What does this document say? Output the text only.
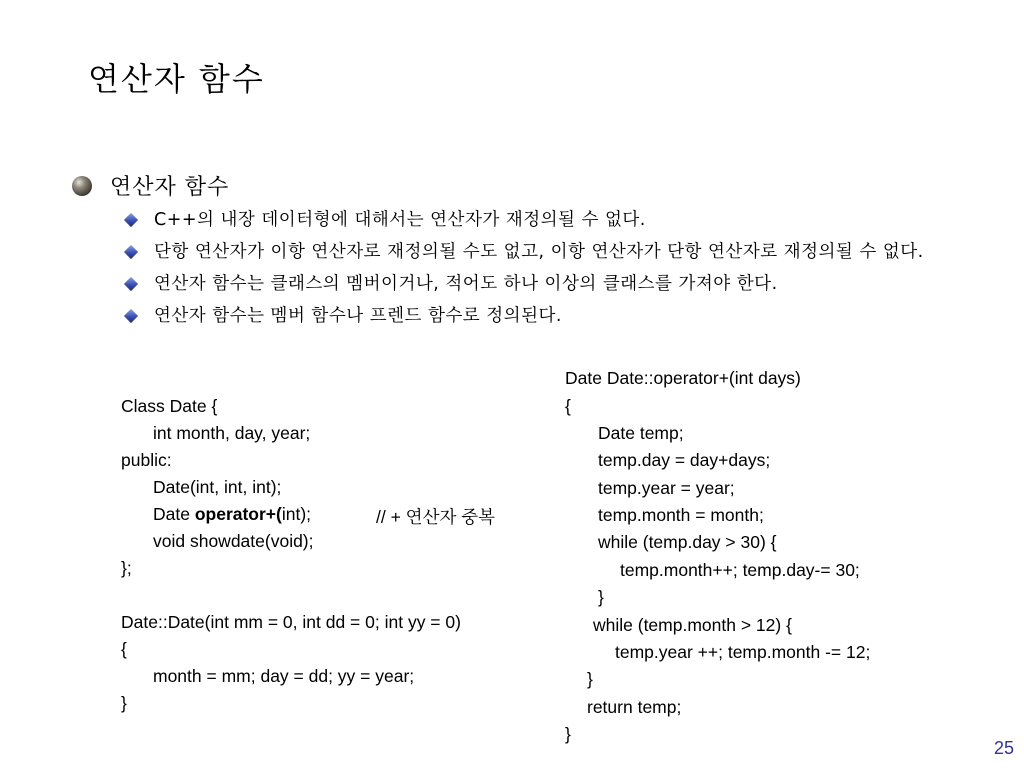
연산자 함수
연산자 함수
C++의 내장 데이터형에 대해서는 연산자가 재정의될 수 없다.
단항 연산자가 이항 연산자로 재정의될 수도 없고, 이항 연산자가 단항 연산자로 재정의될 수 없다.
연산자 함수는 클래스의 멤버이거나, 적어도 하나 이상의 클래스를 가져야 한다.
연산자 함수는 멤버 함수나 프렌드 함수로 정의된다.
Class Date {
int month, day, year;
public:
Date(int, int, int);
Date operator+(int);	// + 연산자 중복
void showdate(void);
};
Date::Date(int mm = 0, int dd = 0; int yy = 0)
{
month = mm; day = dd; yy = year;
}
Date Date::operator+(int days)
{
Date temp;
temp.day = day+days;
temp.year = year;
temp.month = month;
while (temp.day > 30) {
temp.month++; temp.day-= 30;
}
while (temp.month > 12) {
temp.year ++; temp.month -= 12;
}
return temp;
}
25
